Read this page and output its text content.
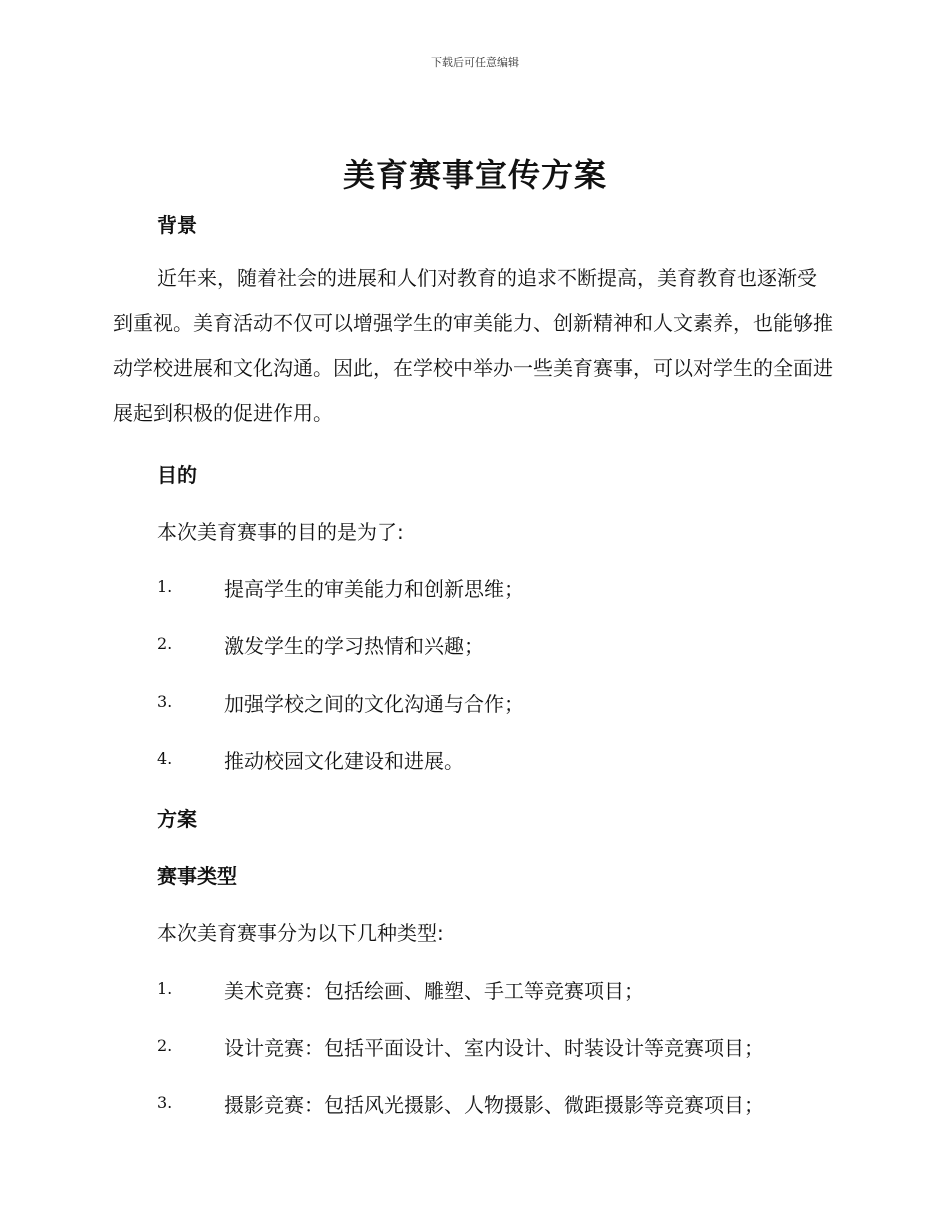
下载后可任意编辑
美育赛事宣传方案
背景
近年来，随着社会的进展和人们对教育的追求不断提高，美育教育也逐渐受到重视。美育活动不仅可以增强学生的审美能力、创新精神和人文素养，也能够推动学校进展和文化沟通。因此，在学校中举办一些美育赛事，可以对学生的全面进展起到积极的促进作用。
目的
本次美育赛事的目的是为了:
1.	提高学生的审美能力和创新思维；
2.	激发学生的学习热情和兴趣；
3.	加强学校之间的文化沟通与合作；
4.	推动校园文化建设和进展。
方案
赛事类型
本次美育赛事分为以下几种类型:
1.	美术竞赛：包括绘画、雕塑、手工等竞赛项目；
2.	设计竞赛：包括平面设计、室内设计、时装设计等竞赛项目；
3.	摄影竞赛：包括风光摄影、人物摄影、微距摄影等竞赛项目；
